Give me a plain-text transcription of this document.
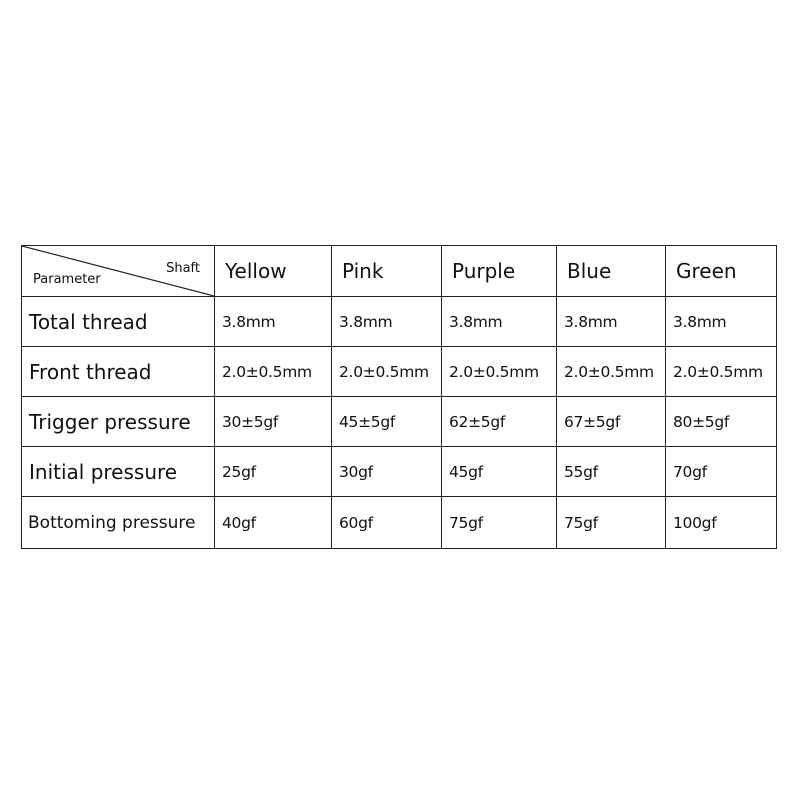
Shaft
Parameter	Yellow	Pink	Purple	Blue	Green
Total thread	3.8mm	3.8mm	3.8mm	3.8mm	3.8mm
Front thread	2.0±0.5mm	2.0±0.5mm	2.0±0.5mm	2.0±0.5mm	2.0±0.5mm
Trigger pressure	30±5gf	45±5gf	62±5gf	67±5gf	80±5gf
Initial pressure	25gf	30gf	45gf	55gf	70gf
Bottoming pressure	40gf	60gf	75gf	75gf	100gf
